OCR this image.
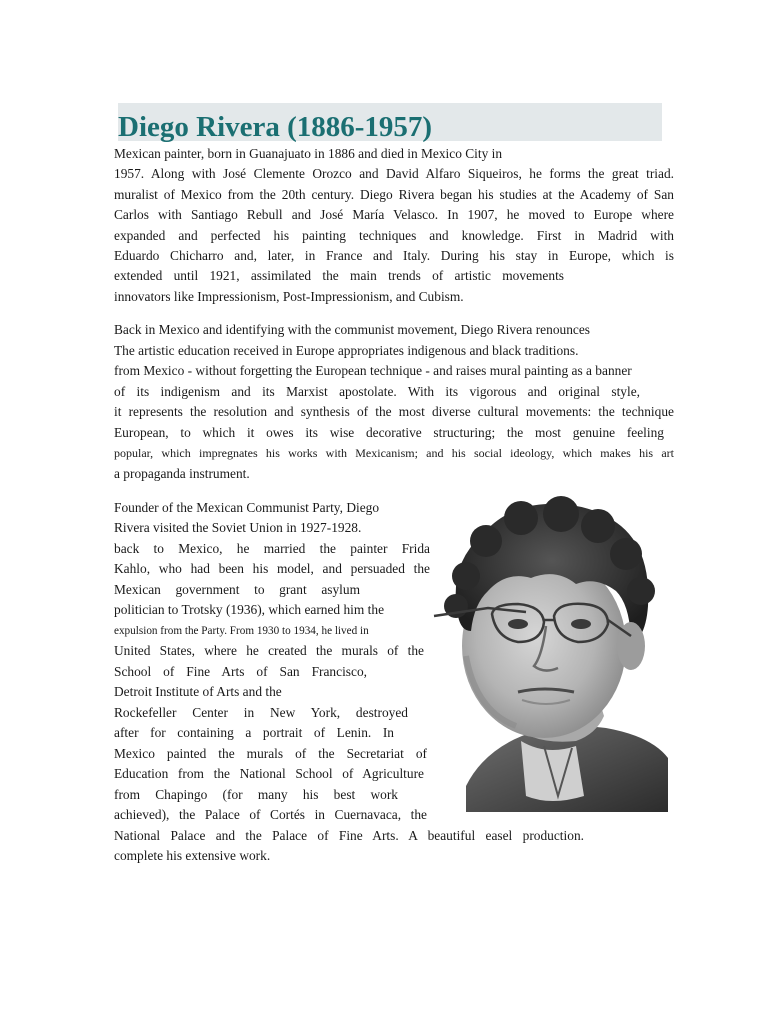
Diego Rivera (1886-1957)

Mexican painter, born in Guanajuato in 1886 and died in Mexico City in

1957. Along with José Clemente Orozco and David Alfaro Siqueiros, he forms the great triad.

muralist of Mexico from the 20th century. Diego Rivera began his studies at the Academy of San

Carlos with Santiago Rebull and José María Velasco. In 1907, he moved to Europe where

expanded and perfected his painting techniques and knowledge. First in Madrid with

Eduardo Chicharro and, later, in France and Italy. During his stay in Europe, which is

extended until 1921, assimilated the main trends of artistic movements

innovators like Impressionism, Post-Impressionism, and Cubism.

Back in Mexico and identifying with the communist movement, Diego Rivera renounces

The artistic education received in Europe appropriates indigenous and black traditions.

from Mexico - without forgetting the European technique - and raises mural painting as a banner

of its indigenism and its Marxist apostolate. With its vigorous and original style,

it represents the resolution and synthesis of the most diverse cultural movements: the technique

European, to which it owes its wise decorative structuring; the most genuine feeling

popular, which impregnates his works with Mexicanism; and his social ideology, which makes his art

a propaganda instrument.

Founder of the Mexican Communist Party, Diego

Rivera visited the Soviet Union in 1927-1928.

back to Mexico, he married the painter Frida

Kahlo, who had been his model, and persuaded the

Mexican government to grant asylum

politician to Trotsky (1936), which earned him the

expulsion from the Party. From 1930 to 1934, he lived in

United States, where he created the murals of the

School of Fine Arts of San Francisco,

Detroit Institute of Arts and the

Rockefeller Center in New York, destroyed

after for containing a portrait of Lenin. In

Mexico painted the murals of the Secretariat of

Education from the National School of Agriculture

from Chapingo (for many his best work

achieved), the Palace of Cortés in Cuernavaca, the

National Palace and the Palace of Fine Arts. A beautiful easel production.

complete his extensive work.
